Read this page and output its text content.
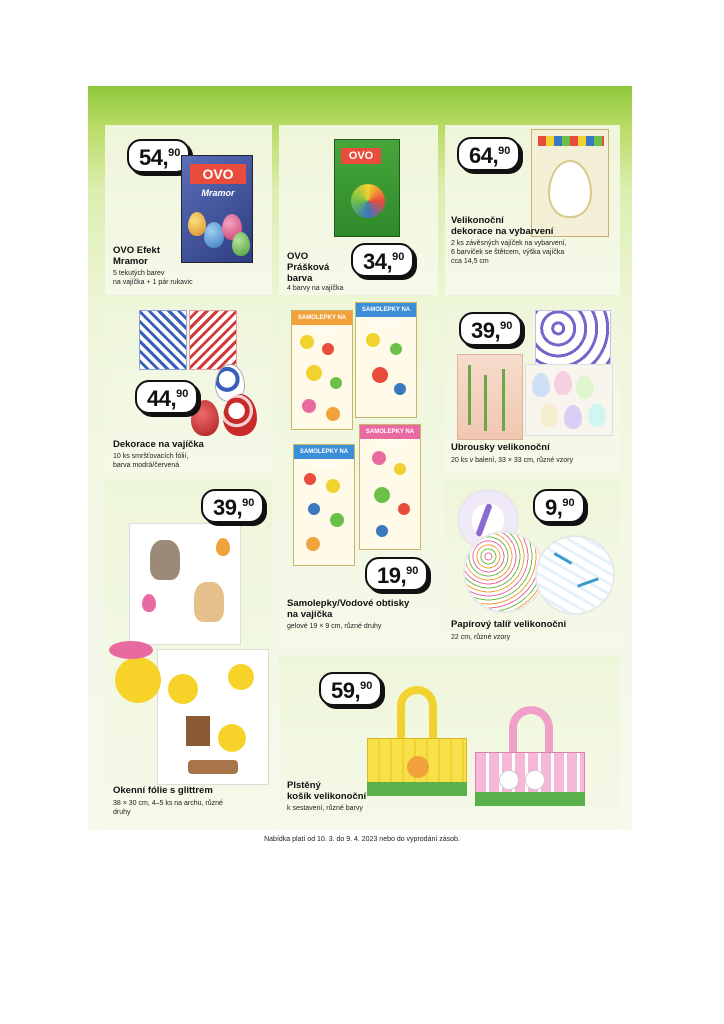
54, 90
OVO
Mramor
OVO Efekt
Mramor
5 tekutých barev
na vajíčka + 1 pár rukavic
OVO
OVO
Prášková
barva
34, 90
4 barvy na vajíčka
64, 90
Velikonoční
dekorace na vybarvení
2 ks závěsných vajíček na vybarvení,
6 barviček se štětcem, výška vajíčka
cca 14,5 cm
44, 90
Dekorace na vajíčka
10 ks smršťovacích fólií,
barva modrá/červená
SAMOLEPKY NA VAJÍČKA
SAMOLEPKY NA VAJÍČKA
SAMOLEPKY NA VAJÍČKA
SAMOLEPKY NA VAJÍČKA
19, 90
Samolepky/Vodové obtisky
na vajíčka
gelové 19 × 9 cm, různé druhy
39, 90
Ubrousky velikonoční
20 ks v balení, 33 × 33 cm, různé vzory
39, 90
Okenní fólie s glittrem
38 × 30 cm, 4–5 ks na archu, různé
druhy
9, 90
Papírový talíř velikonoční
22 cm, různé vzory
59, 90
Plstěný
košík velikonoční
k sestavení, různé barvy
Nabídka platí od 10. 3. do 9. 4. 2023 nebo do vyprodání zásob.
